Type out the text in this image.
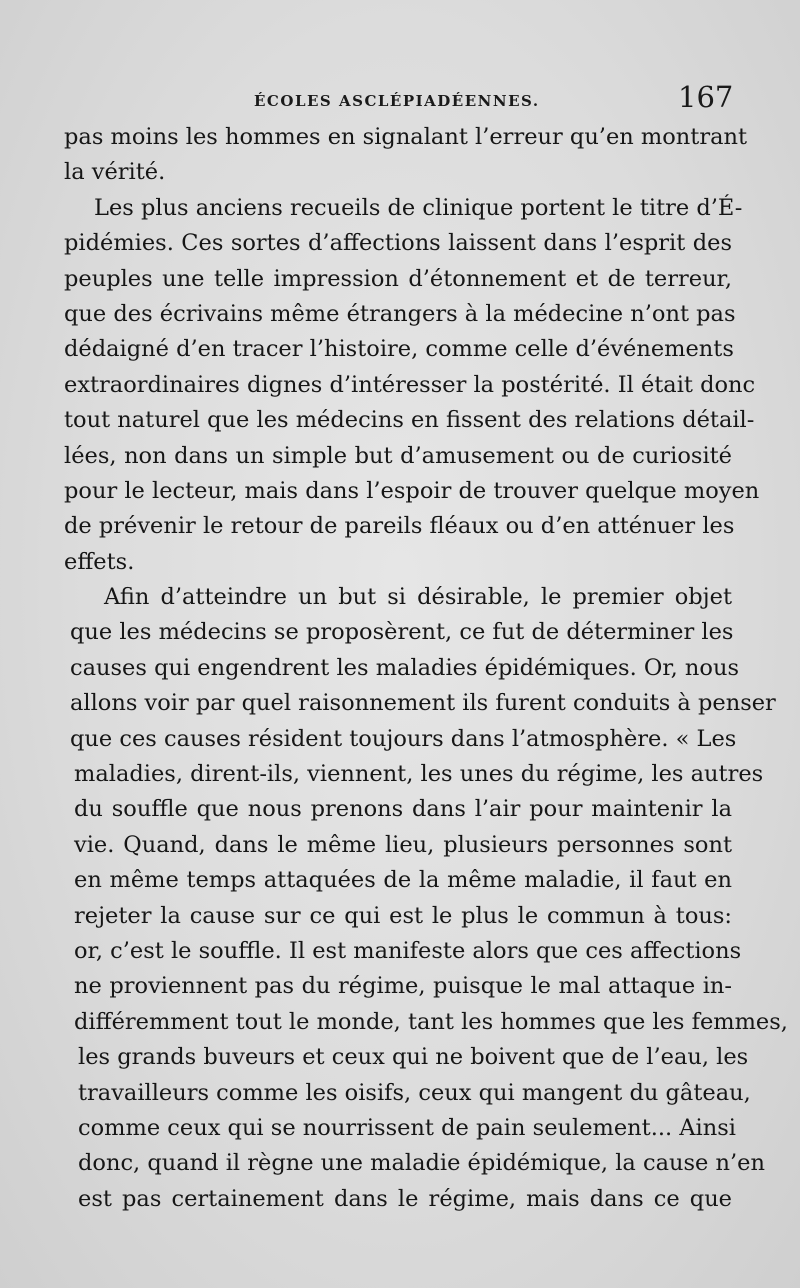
ÉCOLES ASCLÉPIADÉENNES.	167
pas moins les hommes en signalant l’erreur qu’en montrant
la vérité.
Les plus anciens recueils de clinique portent le titre d’É-
pidémies. Ces sortes d’affections laissent dans l’esprit des
peuples une telle impression d’étonnement et de terreur,
que des écrivains même étrangers à la médecine n’ont pas
dédaigné d’en tracer l’histoire, comme celle d’événements
extraordinaires dignes d’intéresser la postérité. Il était donc
tout naturel que les médecins en fissent des relations détail-
lées, non dans un simple but d’amusement ou de curiosité
pour le lecteur, mais dans l’espoir de trouver quelque moyen
de prévenir le retour de pareils fléaux ou d’en atténuer les
effets.
Afin d’atteindre un but si désirable, le premier objet
que les médecins se proposèrent, ce fut de déterminer les
causes qui engendrent les maladies épidémiques. Or, nous
allons voir par quel raisonnement ils furent conduits à penser
que ces causes résident toujours dans l’atmosphère. « Les
maladies, dirent-ils, viennent, les unes du régime, les autres
du souffle que nous prenons dans l’air pour maintenir la
vie. Quand, dans le même lieu, plusieurs personnes sont
en même temps attaquées de la même maladie, il faut en
rejeter la cause sur ce qui est le plus le commun à tous:
or, c’est le souffle. Il est manifeste alors que ces affections
ne proviennent pas du régime, puisque le mal attaque in-
différemment tout le monde, tant les hommes que les femmes,
les grands buveurs et ceux qui ne boivent que de l’eau, les
travailleurs comme les oisifs, ceux qui mangent du gâteau,
comme ceux qui se nourrissent de pain seulement... Ainsi
donc, quand il règne une maladie épidémique, la cause n’en
est pas certainement dans le régime, mais dans ce que
